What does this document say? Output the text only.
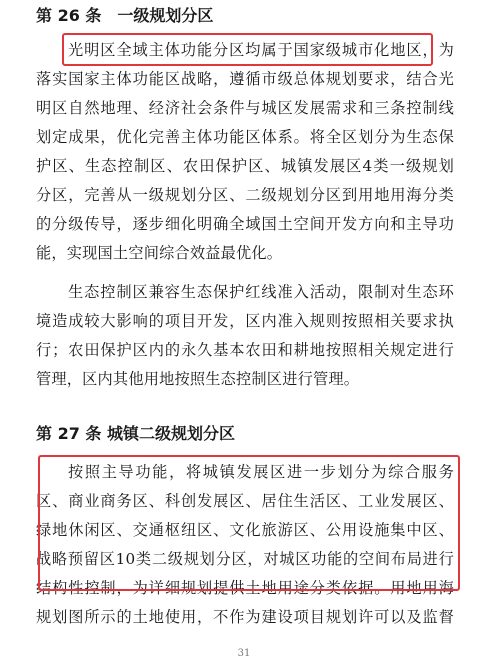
第 26 条　一级规划分区
光明区全域主体功能分区均属于国家级城市化地区，为
落实国家主体功能区战略，遵循市级总体规划要求，结合光
明区自然地理、经济社会条件与城区发展需求和三条控制线
划定成果，优化完善主体功能区体系。将全区划分为生态保
护区、生态控制区、农田保护区、城镇发展区4类一级规划
分区，完善从一级规划分区、二级规划分区到用地用海分类
的分级传导，逐步细化明确全域国土空间开发方向和主导功
能，实现国土空间综合效益最优化。
生态控制区兼容生态保护红线准入活动，限制对生态环
境造成较大影响的项目开发，区内准入规则按照相关要求执
行；农田保护区内的永久基本农田和耕地按照相关规定进行
管理，区内其他用地按照生态控制区进行管理。
第 27 条 城镇二级规划分区
按照主导功能，将城镇发展区进一步划分为综合服务
区、商业商务区、科创发展区、居住生活区、工业发展区、
绿地休闲区、交通枢纽区、文化旅游区、公用设施集中区、
战略预留区10类二级规划分区，对城区功能的空间布局进行
结构性控制，为详细规划提供土地用途分类依据。用地用海
规划图所示的土地使用，不作为建设项目规划许可以及监督
31
